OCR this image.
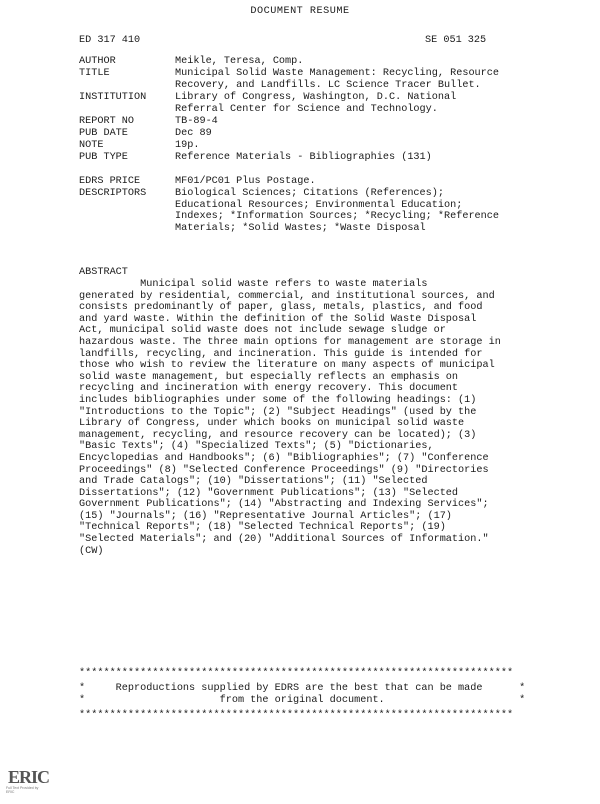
DOCUMENT RESUME
ED 317 410	SE 051 325
AUTHOR	Meikle, Teresa, Comp.
TITLE	Municipal Solid Waste Management: Recycling, Resource
Recovery, and Landfills. LC Science Tracer Bullet.
INSTITUTION	Library of Congress, Washington, D.C. National
Referral Center for Science and Technology.
REPORT NO	TB-89-4
PUB DATE	Dec 89
NOTE	19p.
PUB TYPE	Reference Materials - Bibliographies (131)
EDRS PRICE	MF01/PC01 Plus Postage.
DESCRIPTORS	Biological Sciences; Citations (References);
Educational Resources; Environmental Education;
Indexes; *Information Sources; *Recycling; *Reference
Materials; *Solid Wastes; *Waste Disposal
ABSTRACT
Municipal solid waste refers to waste materials
generated by residential, commercial, and institutional sources, and
consists predominantly of paper, glass, metals, plastics, and food
and yard waste. Within the definition of the Solid Waste Disposal
Act, municipal solid waste does not include sewage sludge or
hazardous waste. The three main options for management are storage in
landfills, recycling, and incineration. This guide is intended for
those who wish to review the literature on many aspects of municipal
solid waste management, but especially reflects an emphasis on
recycling and incineration with energy recovery. This document
includes bibliographies under some of the following headings: (1)
"Introductions to the Topic"; (2) "Subject Headings" (used by the
Library of Congress, under which books on municipal solid waste
management, recycling, and resource recovery can be located); (3)
"Basic Texts"; (4) "Specialized Texts"; (5) "Dictionaries,
Encyclopedias and Handbooks"; (6) "Bibliographies"; (7) "Conference
Proceedings" (8) "Selected Conference Proceedings" (9) "Directories
and Trade Catalogs"; (10) "Dissertations"; (11) "Selected
Dissertations"; (12) "Government Publications"; (13) "Selected
Government Publications"; (14) "Abstracting and Indexing Services";
(15) "Journals"; (16) "Representative Journal Articles"; (17)
"Technical Reports"; (18) "Selected Technical Reports"; (19)
"Selected Materials"; and (20) "Additional Sources of Information."
(CW)
***********************************************************************
*     Reproductions supplied by EDRS are the best that can be made      *
*                      from the original document.                      *
***********************************************************************
ERIC
Full Text Provided by ERIC
